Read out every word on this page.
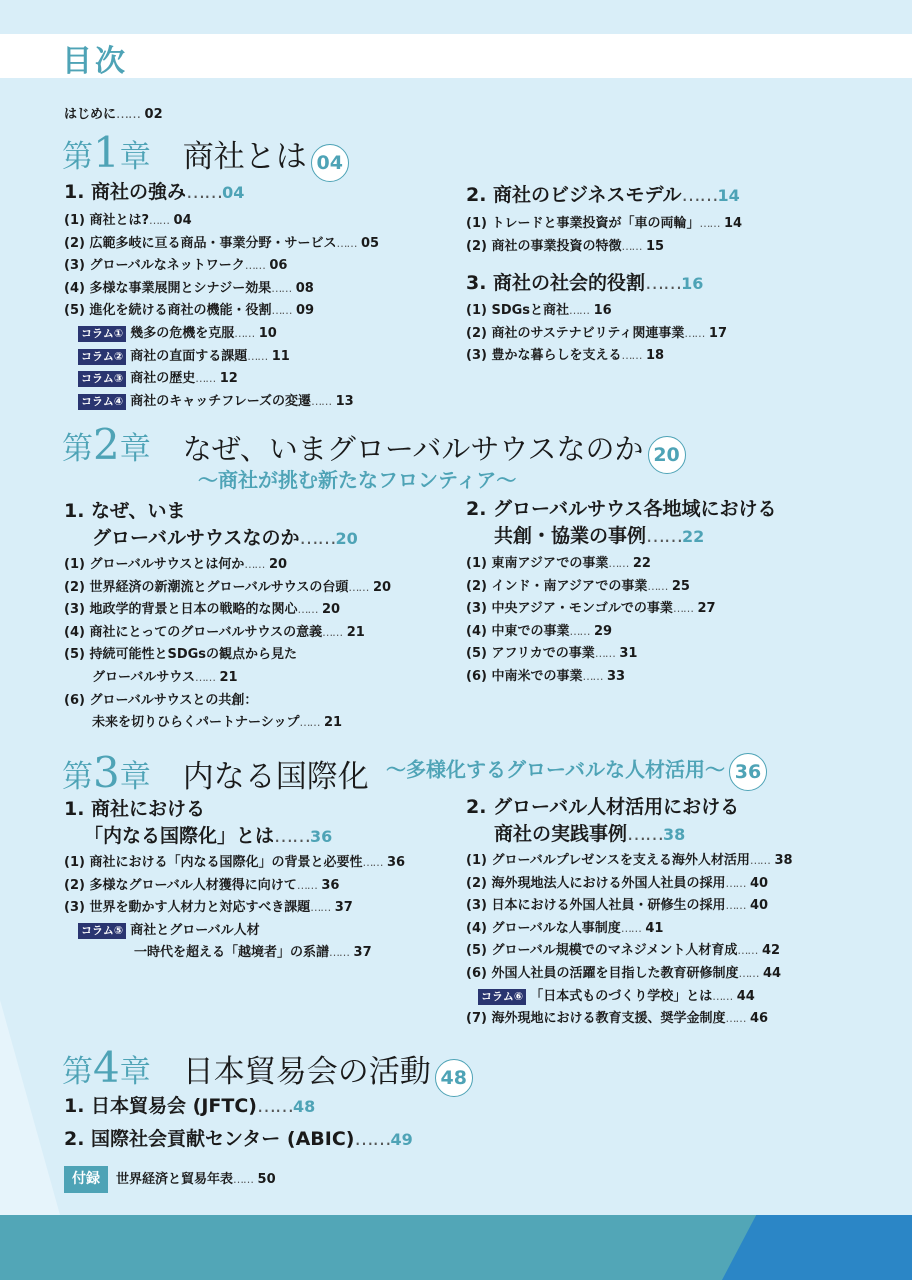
目次
はじめに…… 02
第1章 商社とは 04
1. 商社の強み……04
(1) 商社とは?…… 04
(2) 広範多岐に亘る商品・事業分野・サービス…… 05
(3) グローバルなネットワーク…… 06
(4) 多様な事業展開とシナジー効果…… 08
(5) 進化を続ける商社の機能・役割…… 09
コラム① 幾多の危機を克服…… 10
コラム② 商社の直面する課題…… 11
コラム③ 商社の歴史…… 12
コラム④ 商社のキャッチフレーズの変遷…… 13
2. 商社のビジネスモデル……14
(1) トレードと事業投資が「車の両輪」…… 14
(2) 商社の事業投資の特徴…… 15
3. 商社の社会的役割……16
(1) SDGsと商社…… 16
(2) 商社のサステナビリティ関連事業…… 17
(3) 豊かな暮らしを支える…… 18
第2章 なぜ、いまグローバルサウスなのか 20
〜商社が挑む新たなフロンティア〜
1. なぜ、いま
グローバルサウスなのか……20
(1) グローバルサウスとは何か…… 20
(2) 世界経済の新潮流とグローバルサウスの台頭…… 20
(3) 地政学的背景と日本の戦略的な関心…… 20
(4) 商社にとってのグローバルサウスの意義…… 21
(5) 持続可能性とSDGsの観点から見た
グローバルサウス…… 21
(6) グローバルサウスとの共創：
未来を切りひらくパートナーシップ…… 21
2. グローバルサウス各地域における
共創・協業の事例……22
(1) 東南アジアでの事業…… 22
(2) インド・南アジアでの事業…… 25
(3) 中央アジア・モンゴルでの事業…… 27
(4) 中東での事業…… 29
(5) アフリカでの事業…… 31
(6) 中南米での事業…… 33
第3章 内なる国際化 〜多様化するグローバルな人材活用〜 36
1. 商社における
「内なる国際化」とは……36
(1) 商社における「内なる国際化」の背景と必要性…… 36
(2) 多様なグローバル人材獲得に向けて…… 36
(3) 世界を動かす人材力と対応すべき課題…… 37
コラム⑤ 商社とグローバル人材
一時代を超える「越境者」の系譜…… 37
2. グローバル人材活用における
商社の実践事例……38
(1) グローバルプレゼンスを支える海外人材活用…… 38
(2) 海外現地法人における外国人社員の採用…… 40
(3) 日本における外国人社員・研修生の採用…… 40
(4) グローバルな人事制度…… 41
(5) グローバル規模でのマネジメント人材育成…… 42
(6) 外国人社員の活躍を目指した教育研修制度…… 44
コラム⑥ 「日本式ものづくり学校」とは…… 44
(7) 海外現地における教育支援、奨学金制度…… 46
第4章 日本貿易会の活動 48
1. 日本貿易会 (JFTC)……48
2. 国際社会貢献センター (ABIC)……49
付録 世界経済と貿易年表…… 50
